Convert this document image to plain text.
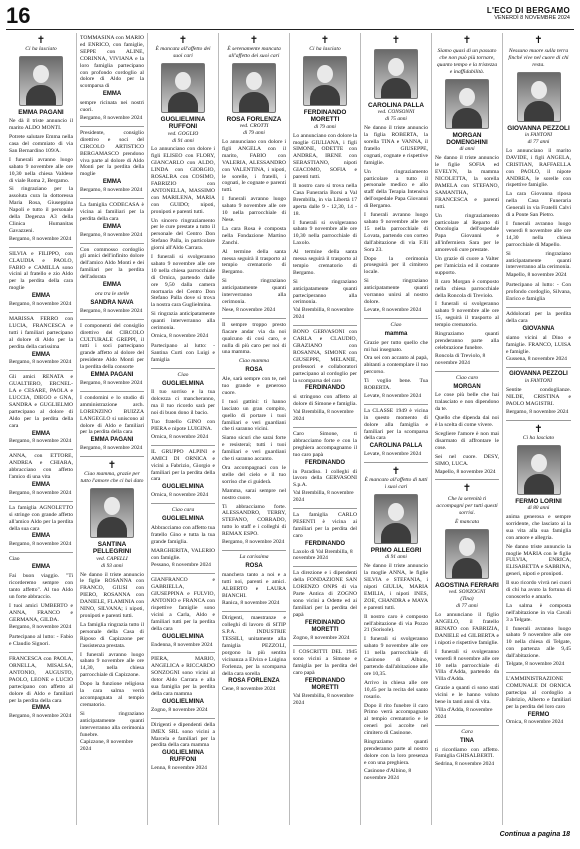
16	L'ECO DI BERGAMO
VENERDÌ 8 NOVEMBRE 2024
✝
Ci ha lasciato
EMMA PAGANI

Ne dà il triste annuncio il marito ALDO MONTI.

Potrete salutare Emma nella casa del commiato di via San Bernardino 109/A.

I funerali avranno luogo sabato 9 novembre alle ore 10,30 nella chiesa Valdese di viale Roma 2, Bergamo.

Si ringraziano per la assoluta cura la dottoressa Maria Rosa, Giuseppina Napoli e tutto il personale della Degenza A3 della Clinica Humanitas Gavazzeni.

Bergamo, 8 novembre 2024

SILVIA e FILIPPO, con CLAUDIA e PAOLO, FABIO e CAMILLA sono vicini al fratello e zio Aldo per la perdita della cara moglie

EMMA
Bergamo, 8 novembre 2024

MARISSA FERRO con LUCIA, FRANCESCA e tutti i familiari partecipano al dolore di Aldo per la perdita della carissima

EMMA
Bergamo, 8 novembre 2024

Gli amici RENATA e GUALTIERO, ERCNEL-LA e CESARE, PAOLA e LUCCIA, DIEGO e GNA, SANDRA e GUGLIELMO partecipano al dolore di Aldo per la perdita della cara

EMMA
Bergamo, 8 novembre 2024

ANNA, con ETTORE, ANDREA e CHIARA, abbracciano con affetto l'amico di una vita

EMMA
Bergamo, 8 novembre 2024

La famiglia AGNOLETTO si stringe con grande affetto all'amico Aldo per la perdita della sua cara

EMMA
Bergamo, 8 novembre 2024

Ciao

EMMA

Fai buon viaggio. "Ti ricorderemo sempre con tanto affetto". Al tuo Aldo un forte abbraccio.

I tuoi amici UMBERTO e ANNA, FRANCO e GERMANA, GILDA.

Bergamo, 8 novembre 2024

Partecipano al lutto: - Fabio e Claudio Signori.

FRANCESCA con PAOLA, ORNELLA, MISALSA, ANTONIO, AUGUSTO, PAOLO, LEONE e LUCIO partecipano con affetto al dolore di Aldo e familiari per la perdita della cara

EMMA
Bergamo, 8 novembre 2024

TOMMASINA con MARIO ed ENRICO, con famiglie, SEPPE con ALINE, CORINNA, VIVIANA e la loro famiglia partecipano con profondo cordoglio al dolore di Aldo per la scomparsa di

EMMA

sempre ricinata nei nostri cuori.

Bergamo, 8 novembre 2024

Presidente, consiglio direttivo e soci del CIRCOLO ARTISTICO BERGAMASCO prendono viva parte al dolore di Aldo Monti per la perdita della moglie

EMMA
Bergamo, 8 novembre 2024

La famiglia CODECASA è vicina ai familiari per la perdita della cara

EMMA
Bergamo, 8 novembre 2024

Con commosso cordoglio gli amici dell'infinito dolore dell'amico Aldo Monti e dei familiari per la perdita dell'adorata

EMMA
ora tra le stelle
SANDRA NAVA
Bergamo, 8 novembre 2024

I componenti del consiglio direttivo del CIRCOLO CULTURALE GREPPI, il tutti i soci partecipano grande affetto al dolore del presidente Aldo Monti per la perdita della consorte

EMMA PAGANI
Bergamo, 8 novembre 2024

I condomini e lo studio di amministrazione arch. LORENZINO BUIZZA LANGEGLO si uniscono al dolore di Aldo e familiari per la perdita della cara

EMMA PAGANI
Bergamo, 8 novembre 2024
✝
Ciao mamma, grazie per tutto l'amore che ci hai dato
SANTINA PELLEGRINI
ved. CAPELLI
di 93 anni

Ne danno il triste annuncio le figlie ROSANNA con FRANCO, GIUSI con PIERO, ROSANNA con DANIELE, FLAMINIA con NINO, SILVANA; i nipoti, pronipoti e parenti tutti.

La famiglia ringrazia tutto il personale della Casa di Riposo di Capizzone per l'assistenza prestata.

I funerali avranno luogo sabato 9 novembre alle ore 14,30, nella chiesa parrocchiale di Capizzone.

Dopo la funzione religiosa la cara salma verrà accompagnata al tempio crematorio.

Si ringraziano anticipatamente quanti interverranno alla cerimonia funebre.

Capizzone, 8 novembre 2024
✝
È mancata all'affetto dei suoi cari
GUGLIELMINA RUFFONI
ved. GOGLIO
di 91 anni

Lo annunciano con dolore i figli ELISEO con FLORY, GIANCARLO con ALDO, LINDA con GIORGIO, ROSALBA con COSIMO, FABRIZIO con ANTONELLA, MASSIMO con MARILENA, MARIA con GUIDO; nipoti, pronipoti e parenti tutti.

Un sincero ringraziamento per le cure prestate a tutto il personale del Centro Don Stefano Palla, in particolare giorni all'Aldo Carrara.

I funerali si svolgeranno sabato 9 novembre alle ore 10 nella chiesa parrocchiale di Ornica, partendo dalle ore 9,50 dalla camera mortuaria del Centro Don Stefano Palla dove si trova la nostra cara Guglielmina.

Si ringrazia anticipatamente quanti interverranno alla cerimonia.

Ornica, 8 novembre 2024

Partecipano al lutto: - Santina Curti con Luigi e famiglia

Ciao
GUGLIELMINA

Il tuo sorriso e la tua dolcezza ci mancheranno, ma il tuo ricordo sarà per noi di buon dono il bacio.

Tuo fratello GINO con PIERA e nipote LUIGINA.

Ornica, 8 novembre 2024

IL GRUPPO ALPINI e AMICI DI ORNICA e vicini a Fabrizio, Giorgio e familiari per la perdita della cara

GUGLIELMINA
Ornica, 8 novembre 2024
Ciao cara
GUGLIELMINA

Abbracciamo con affetto tua fratello Gino e tutta la tua grande famiglia.

MARGHERITA, VALERIO con famiglie.

Pessano, 8 novembre 2024

GIANFRANCO e GABRIELLA, GIUSEPPINA e FULVIO, ANTONIO e FRANCA con rispettive famiglie sono vicini a Carla, Aldo e familiari tutti per la perdita della cara

GUGLIELMINA
Endenna, 8 novembre 2024

PIERA, MARIO, ANGELICA e RICCARDO SONZOGNI sono vicini al dotor Aldo Carrara e alla sua famiglia per la perdita della cara mamma

GUGLIELMINA
Zogno, 8 novembre 2024

Dirigenti e dipendenti della IMEX SRL sono vicini a Marcela e familiari per la perdita della cara mamma

GUGLIELMINA RUFFONI
Lenna, 8 novembre 2024
✝
È serenamente mancata all'affetto dei suoi cari
ROSA FORLENZA
ved. CROTTI
di 79 anni

Lo annunciano con dolore i figli ANGELA con il marito, FABIO con VALERIA, ALESSANDRO con VALENTINA, i nipoti, le sorelle, i fratelli, i cognati, le cognate e parenti tutti.

I funerali avranno luogo sabato 9 novembre alle ore 10 nella parrocchiale di Nese.

La cara Rosa è composta nella Fondazione Martino Zanchi.

Al termine della santa messa seguirà il trasporto al tempio crematorio di Bergamo.

Si ringraziano anticipatamente quanti interverranno alla cerimonia.

Nese, 8 novembre 2024

Il sempre troppo presto fiacare andar via da noi qualcuno di così caro, e nulla di più caro per noi di una mamma.

Ciao mamma
ROSA

Ale, sarà sempre con te, nel tuo grande e generoso cuore.

I tuoi gattini: ti hanno lasciato un gran compito, quello di portare i tuoi familiari e veri guardiani che ti saranno vicini.

Siamo sicuri che sarai forte e resisterai; tutti i tuoi familiari e veri guardiani che ti saranno accanto.

Ora accompagnaci con le stelle del cielo e il tuo sorriso che ci guiderà.

Mamma, sarai sempre nel nostro cuore.

Ti abbracciamo forte. ALESSANDRO, TERRY, STEFANO, CORRADO, tutto lo staff e i colleghi di REMAX ESPO.

Bergamo, 8 novembre 2024
La carissima
ROSA

manchera tanto a noi e a tutti noi, parenti e amici. ALBERTO e LAURA BIANCHI.

Ranica, 8 novembre 2024

Dirigenti, maestranze e colleghi di lavoro di SITIP S.P.A. INDUSTRIE TESSILI, unitamente alla famiglia PEZZOLI, porgono la più sentita vicinanza a Elvira e Luigina Forlenza, per la scomparsa della cara sorella

ROSA FORLENZA
Cene, 8 novembre 2024
✝
Ci ha lasciato
FERDINANDO MORETTI
di 79 anni

Lo annunciano con dolore la moglie GIULIANA, i figli SIMONE, ODETTE con ANDREA, IRENE con SEBASTIANO, nipoti GIACOMO, SOFIA e parenti tutti.

Il nostro caro si trova nella Casa Funeraria Borsi a Val Brembilla, in via Libertà 17 aperta dalle 9 - 12,30, 14 - 18.

I funerali si svolgeranno sabato 9 novembre alle ore 10,30 nella parrocchiale di Laxolo.

Al termine della santa messa seguirà il trasporto al tempio crematorio di Bergamo.

Si ringraziano anticipatamente quanti parteciperanno alla cerimonia.

Val Brembilla, 8 novembre 2024

BONO GERVASONI con CARLA e CLAUDIO, GRAZIANO con ROSANNA, SIMONE con GIUSEPPE, MELANIE, professori e collaboratori partecipano al cordoglio per la scomparsa del caro

FERDINANDO

si stringono con affetto al dolore di Simone e famiglia.

Val Brembilla, 8 novembre 2024

Caro Simone, ti abbracciamo forte e con la preghiera accompagnamo il tuo caro papà

FERDINANDO

in Paradiso. I colleghi di lavoro della GERVASONI S.p.A.

Val Brembilla, 8 novembre 2024

La famiglia CARLO PESENTI è vicina ai familiari per la perdita del caro

FERDINANDO
Laxolo di Val Brembilla, 8 novembre 2024

La direzione e i dipendenti della FONDAZIONE SAN LORENZO ONPS di via Parte Antica di ZOGNO sono vicini a Odette ed ai familiari per la perdita del papà

FERDINANDO MORETTI
Zogno, 8 novembre 2024

I COSCRITTI DEL 1945 sono vicini a Simone e famiglia per la perdita del caro papà

FERDINANDO MORETTI
Val Brembilla, 8 novembre 2024
✝
CAROLINA PALLA
ved. CONSONNI
di 75 anni

Ne danno il triste annuncio la figlia ROBERTA, la sorella TINA e VANNA, il fratello GIUSEPPE, cognati, cognate e rispettive famiglie.

Un ringraziamento particolare a tutto il personale medico e allo staff della Terapia Intensiva dell'ospedale Papa Giovanni di Bergamo.

I funerali avranno luogo sabato 9 novembre alle ore 15 nella parrocchiale di Lovata, partendo con corteo dall'abitazione di via F.lli Sora 23.

Dopo la cerimonia proseguirà per il cimitero locale.

Si ringraziano anticipatamente quanti vorranno unirsi al nostro dolore.

Levate, 8 novembre 2024
Ciao
mamma

Grazie per tutto quello che mi hai insegnato.

Ora sei con accanto al papà, abitanti a contemplare il tuo percorso.

Ti voglio bene. Tua ROBERTA.

Levate, 8 novembre 2024

La CLASSE 1949 è vicina in questo momento di dolore alla famiglia e familiari per la scomparsa della cara

CAROLINA PALLA
Levate, 8 novembre 2024
✝
È mancato all'affetto di tutti i suoi cari
PRIMO ALLEGRI
di 91 anni

Ne danno il triste annuncio la moglie ANNA, le figlie SILVIA e STEFANIA, i nipoti GIULIA, MARIA EMILIA, i nipoti INES, ZOE, CHANDRA e MAYA e parenti tutti.

Il nostro caro è composto nell'abitazione di via Pozzo 21 (Sorisole).

I funerali si svolgeranno sabato 9 novembre alle ore 11 nella parrocchiale di Casinone di Albino, partendo dall'abitazione alle ore 10,35.

Arrivo in chiesa alle ore 10,45 per la recita del santo rosario.

Dopo il rito funebre il caro Primo verrà accompagnato al tempio crematorio e le ceneri poi accolte nel cimitero di Casinone.

Ringraziamo quanti prenderanno parte al nostro dolore con la loro presenza e con una preghiera.

Casinone d'Albino, 8 novembre 2024
✝
Siamo quasi di un passato che non può più tornare, quanto tempo e la tristezza e inaffidabilità.
MORGAN DOMENGHINI
di anni

Ne danno il triste annuncio le figlie SOFIA ed EVELYN, la mamma NICOLETTA, la sorella PAMELA con STEFANO, SAMANTHA, FRANCESCA e parenti tutti.

Un ringraziamento particolare al Reparto di Oncologia dell'ospedale Papa Giovanni e all'infermiera Sara per le amorevoli cure prestate.

Un grazie di cuore a Valter per l'amicizia ed il costante supporto.

Il caro Morgan è composto nella chiesa parrocchiale della Roncola di Treviolo.

I funerali si svolgeranno sabato 9 novembre alle ore 15, seguirà il trasporto al tempio crematorio.

Ringraziamo quanti prenderanno parte alla celebrazione funebre.

Roncola di Treviolo, 8 novembre 2024
Ciao caro
MORGAN

Le cose più belle che hai tralasciato e non dipendono da te.

Quello che dipenda dai noi è la scelta di come vivere.

Scegliere l'amore è non mai disarmato di affrontare le cose.

Sei nel cuore. DESY, SIMO, LUCA.

Mapello, 8 novembre 2024
✝
Che la serenità ti accompagni per tutti questi sorrisi.
È mancata
AGOSTINA FERRARI
ved. SONZOGNI
(Tina)
di 77 anni

Lo annunciano il figlio ANGELO, il fratello RENATO con FABRIZIA, DANIELE ed GILBERTA e i nipoti e rispettive famiglie.

I funerali si svolgeranno venerdì 8 novembre alle ore 10 nella parrocchiale di Villa d'Adda, partendo da Villa d'Adda.

Grazie a quanti ci sono stati vicini e le hanno voluto bene in tanti anni di vita.

Villa d'Adda, 8 novembre 2024
Cara
TINA

ti ricordiamo con affetto. Famiglia GHISALBERTI.

Sedrina, 8 novembre 2024
✝
Nessuno muore sulla terra finché vive nel cuore di chi resta.
GIOVANNA PEZZOLI
in FANTONI
di 77 anni

Lo annunciano il marito DAVIDE, i figli ANGELA, CRISTIAN, RAFFAELLA con PAOLO, il nipote ANDREA, le sorelle con rispettive famiglie.

La cara Giovanna riposa nella Casa Funeraria Generali in via Fratelli Calvi di a Ponte San Pietro.

I funerali avranno luogo venerdì 8 novembre alle ore 14,30 nella chiesa parrocchiale di Mapello.

Si ringraziano anticipatamente quanti interverranno alla cerimonia.

Mapello, 8 novembre 2024

Partecipano al lutto: - Con profondo cordoglio, Silvana, Enrico e famiglia

Addolorati per la perdita della cara

GIOVANNA

siamo vicini al Dino e famiglie. FRANCO, LUISA e famiglie.

Gussena, 8 novembre 2024
GIOVANNA PEZZOLI
in FANTONI

Sentite condoglianze. NILDE, CRISTINA e PAOLO MAGISTRI.

Bergamo, 8 novembre 2024
✝
Ci ha lasciato
FERMO LORINI
di 80 anni

anima generosa e sempre sorridente, che lasciato ai la sua vita alla sua famiglia con amore e allegria.

Ne danno triste annuncio la moglie MARIA con le figlie FULVIA, ENRICA, ELISABETTA e SABRINA, generi, nipoti e pronipoti.

Il suo ricordo vivrà nei cuori di chi ha avuto la fortuna di conoscerlo e amarlo.

La salma è composta nell'abitazione in via Cavali 3 a Telgate.

I funerali avranno luogo sabato 9 novembre alle ore 10 nella chiesa di Telgate, con partenza alle 9,45 dall'abitazione.

Telgate, 8 novembre 2024

L'AMMINISTRAZIONE COMUNALE DI ORNICA partecipa al cordoglio a Fabrizio, Alberto e familiari per la perdita del loro caro

FERMO
Ornica, 8 novembre 2024
Continua a pagina 18
